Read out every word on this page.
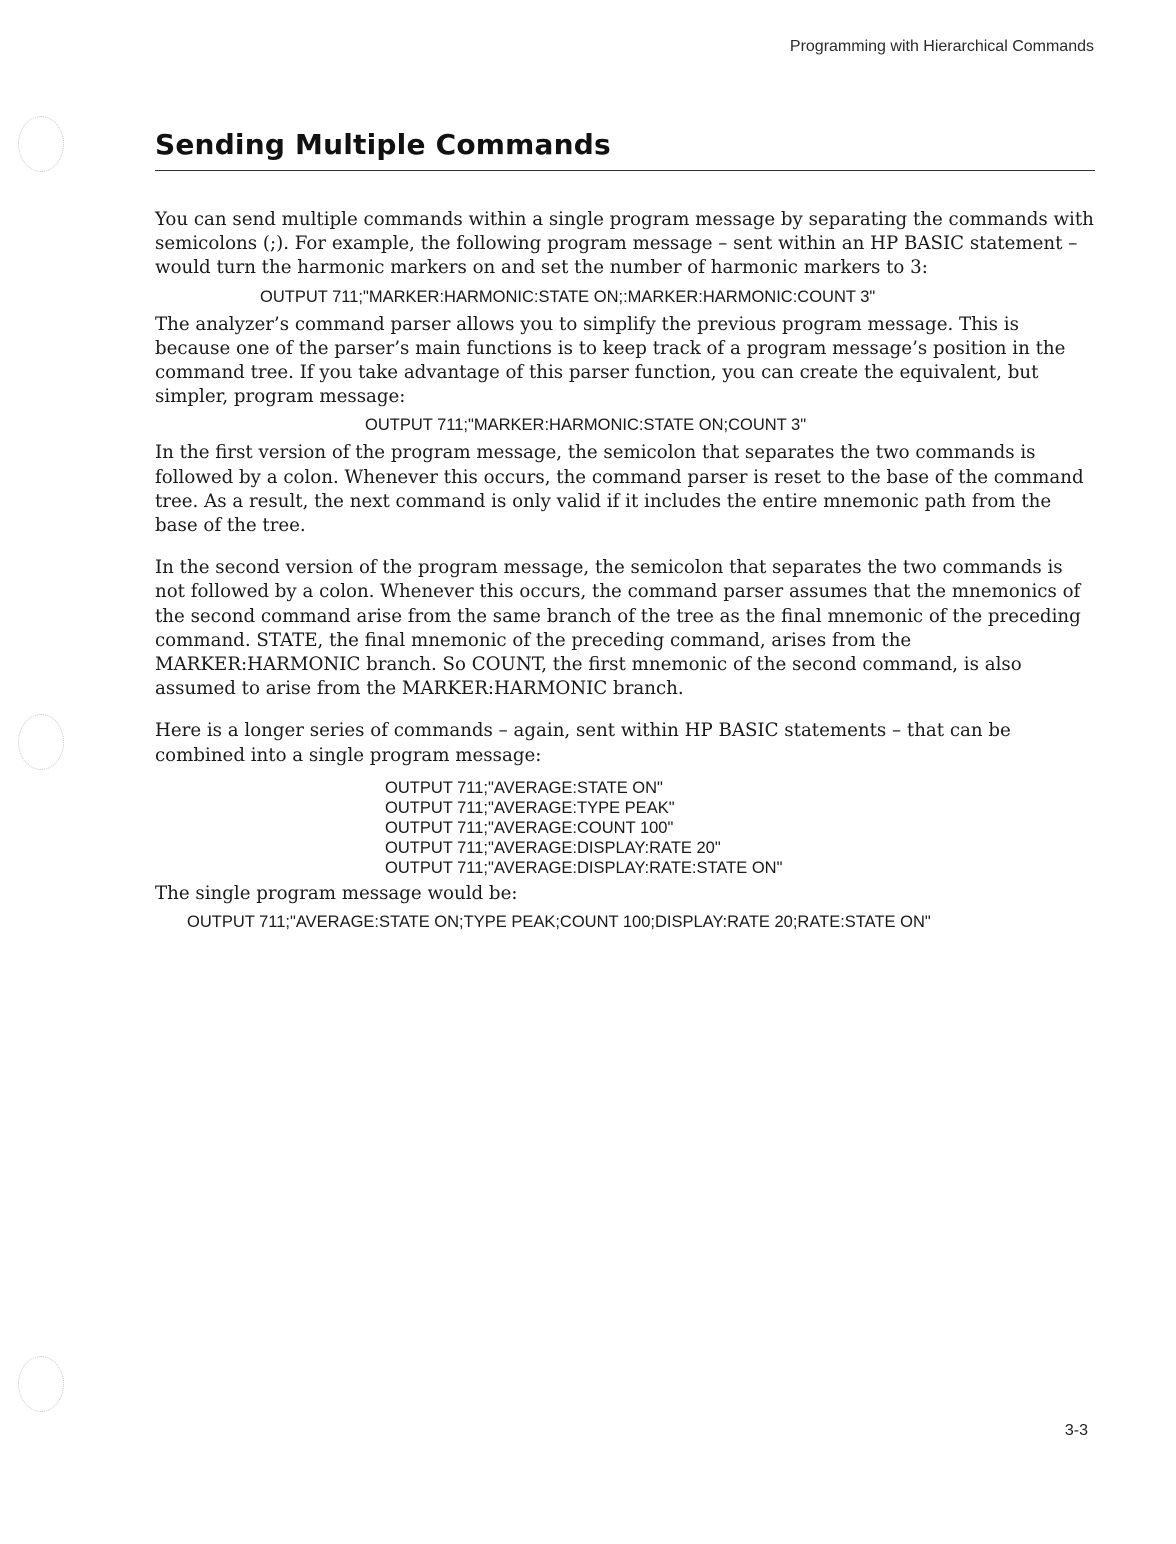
Programming with Hierarchical Commands
Sending Multiple Commands

You can send multiple commands within a single program message by separating the commands with semicolons (;). For example, the following program message – sent within an HP BASIC statement – would turn the harmonic markers on and set the number of harmonic markers to 3:

OUTPUT 711;"MARKER:HARMONIC:STATE ON;:MARKER:HARMONIC:COUNT 3"

The analyzer’s command parser allows you to simplify the previous program message. This is because one of the parser’s main functions is to keep track of a program message’s position in the command tree. If you take advantage of this parser function, you can create the equivalent, but simpler, program message:

OUTPUT 711;"MARKER:HARMONIC:STATE ON;COUNT 3"

In the first version of the program message, the semicolon that separates the two commands is followed by a colon. Whenever this occurs, the command parser is reset to the base of the command tree. As a result, the next command is only valid if it includes the entire mnemonic path from the base of the tree.

In the second version of the program message, the semicolon that separates the two commands is not followed by a colon. Whenever this occurs, the command parser assumes that the mnemonics of the second command arise from the same branch of the tree as the final mnemonic of the preceding command. STATE, the final mnemonic of the preceding command, arises from the MARKER:HARMONIC branch. So COUNT, the first mnemonic of the second command, is also assumed to arise from the MARKER:HARMONIC branch.

Here is a longer series of commands – again, sent within HP BASIC statements – that can be combined into a single program message:

OUTPUT 711;"AVERAGE:STATE ON"
OUTPUT 711;"AVERAGE:TYPE PEAK"
OUTPUT 711;"AVERAGE:COUNT 100"
OUTPUT 711;"AVERAGE:DISPLAY:RATE 20"
OUTPUT 711;"AVERAGE:DISPLAY:RATE:STATE ON"

The single program message would be:

OUTPUT 711;"AVERAGE:STATE ON;TYPE PEAK;COUNT 100;DISPLAY:RATE 20;RATE:STATE ON"
3-3
